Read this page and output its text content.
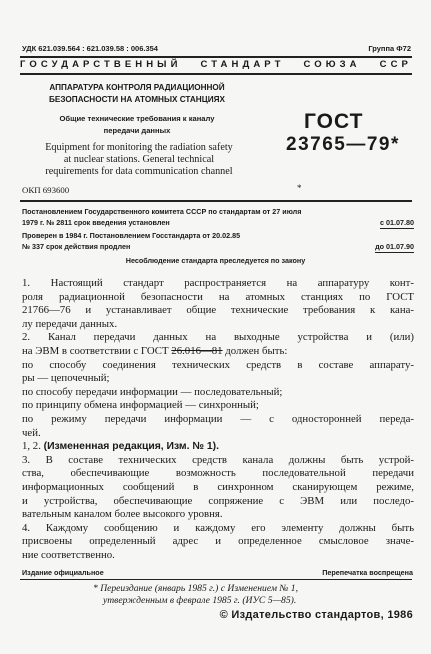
УДК 621.039.564 : 621.039.58 : 006.354	Группа Ф72
ГОСУДАРСТВЕННЫЙ СТАНДАРТ СОЮЗА ССР
АППАРАТУРА КОНТРОЛЯ РАДИАЦИОННОЙ
БЕЗОПАСНОСТИ НА АТОМНЫХ СТАНЦИЯХ
Общие технические требования к каналу
передачи данных
Equipment for monitoring the radiation safety
at nuclear stations. General technical
requirements for data communication channel
ОКП 693600	*
ГОСТ
23765—79*
Постановлением Государственного комитета СССР по стандартам от 27 июля
1979 г. № 2811 срок введения установлен	с 01.07.80
Проверен в 1984 г. Постановлением Госстандарта от 20.02.85
№ 337 срок действия продлен	до 01.07.90
Несоблюдение стандарта преследуется по закону
1. Настоящий стандарт распространяется на аппаратуру конт-
роля радиационной безопасности на атомных станциях по ГОСТ
21766—76 и устанавливает общие технические требования к кана-
лу передачи данных.
2. Канал передачи данных на выходные устройства и (или)
на ЭВМ в соответствии с ГОСТ 26.016—81 должен быть:
по способу соединения технических средств в составе аппарату-
ры — цепочечный;
по способу передачи информации — последовательный;
по принципу обмена информацией — синхронный;
по режиму передачи информации — с односторонней переда-
чей.
1, 2. (Измененная редакция, Изм. № 1).
3. В составе технических средств канала должны быть устрой-
ства, обеспечивающие возможность последовательной передачи
информационных сообщений в синхронном сканирующем режиме,
и устройства, обеспечивающие сопряжение с ЭВМ или последо-
вательным каналом более высокого уровня.
4. Каждому сообщению и каждому его элементу должны быть
Издание официальное	Перепечатка воспрещена
* Переиздание (январь 1985 г.) с Изменением № 1,
утвержденным в феврале 1985 г. (ИУС 5—85).
© Издательство стандартов, 1986
присвоены определенный адрес и определенное смысловое значе-
ние соответственно.
